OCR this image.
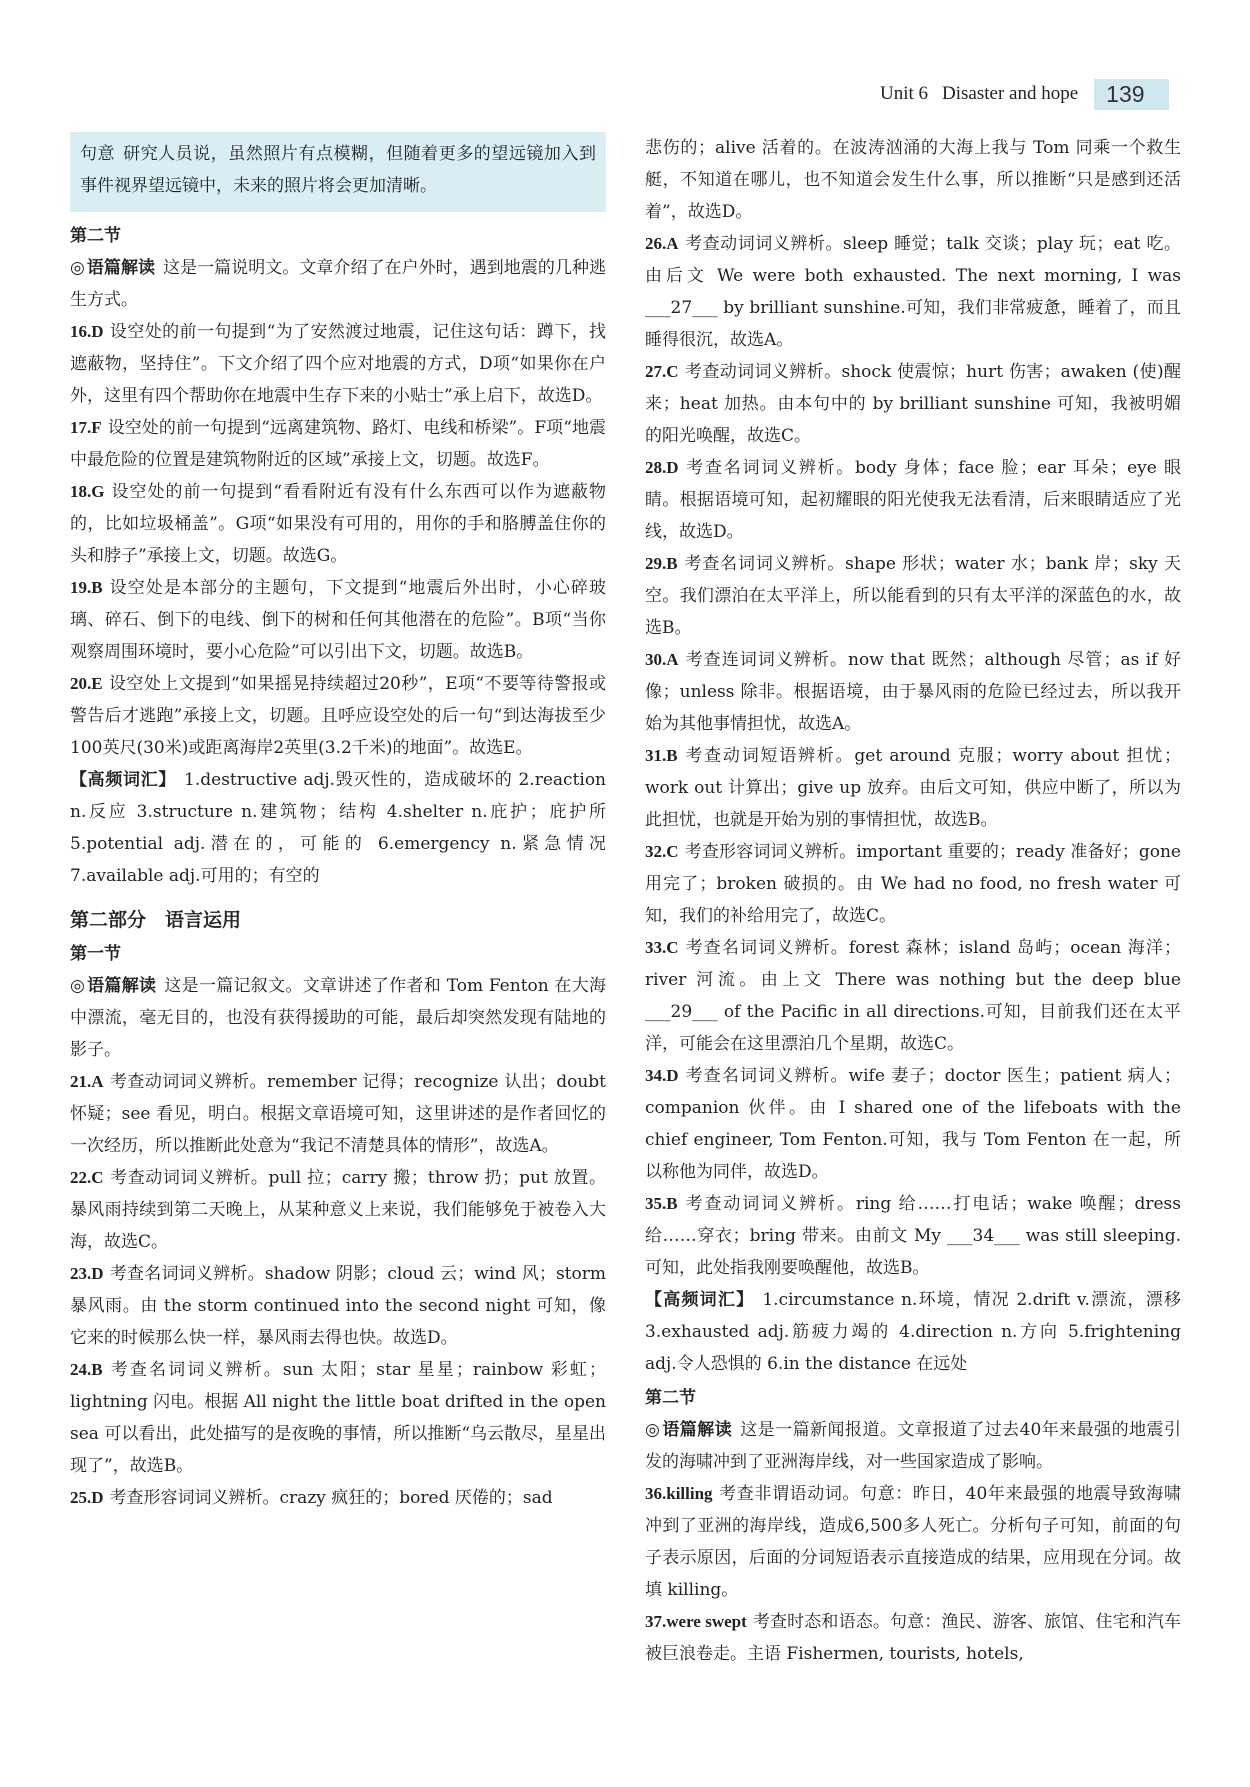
Unit 6 Disaster and hope	139
句意 研究人员说，虽然照片有点模糊，但随着更多的望远镜加入到事件视界望远镜中，未来的照片将会更加清晰。
第二节

◎ 语篇解读 这是一篇说明文。文章介绍了在户外时，遇到地震的几种逃生方式。

16.D 设空处的前一句提到“为了安然渡过地震，记住这句话：蹲下，找遮蔽物，坚持住”。下文介绍了四个应对地震的方式，D项“如果你在户外，这里有四个帮助你在地震中生存下来的小贴士”承上启下，故选D。

17.F 设空处的前一句提到“远离建筑物、路灯、电线和桥梁”。F项“地震中最危险的位置是建筑物附近的区域”承接上文，切题。故选F。

18.G 设空处的前一句提到“看看附近有没有什么东西可以作为遮蔽物的，比如垃圾桶盖”。G项“如果没有可用的，用你的手和胳膊盖住你的头和脖子”承接上文，切题。故选G。

19.B 设空处是本部分的主题句，下文提到“地震后外出时，小心碎玻璃、碎石、倒下的电线、倒下的树和任何其他潜在的危险”。B项“当你观察周围环境时，要小心危险”可以引出下文，切题。故选B。

20.E 设空处上文提到“如果摇晃持续超过20秒”，E项“不要等待警报或警告后才逃跑”承接上文，切题。且呼应设空处的后一句“到达海拔至少100英尺(30米)或距离海岸2英里(3.2千米)的地面”。故选E。

【高频词汇】 1.destructive adj.毁灭性的，造成破坏的 2.reaction n.反应 3.structure n.建筑物；结构 4.shelter n.庇护；庇护所 5.potential adj.潜在的，可能的 6.emergency n.紧急情况 7.available adj.可用的；有空的

第二部分　语言运用
第一节

◎ 语篇解读 这是一篇记叙文。文章讲述了作者和 Tom Fenton 在大海中漂流，毫无目的，也没有获得援助的可能，最后却突然发现有陆地的影子。

21.A 考查动词词义辨析。remember 记得；recognize 认出；doubt 怀疑；see 看见，明白。根据文章语境可知，这里讲述的是作者回忆的一次经历，所以推断此处意为“我记不清楚具体的情形”，故选A。

22.C 考查动词词义辨析。pull 拉；carry 搬；throw 扔；put 放置。暴风雨持续到第二天晚上，从某种意义上来说，我们能够免于被卷入大海，故选C。

23.D 考查名词词义辨析。shadow 阴影；cloud 云；wind 风；storm 暴风雨。由 the storm continued into the second night 可知，像它来的时候那么快一样，暴风雨去得也快。故选D。

24.B 考查名词词义辨析。sun 太阳；star 星星；rainbow 彩虹；lightning 闪电。根据 All night the little boat drifted in the open sea 可以看出，此处描写的是夜晚的事情，所以推断“乌云散尽，星星出现了”，故选B。

25.D 考查形容词词义辨析。crazy 疯狂的；bored 厌倦的；sad

悲伤的；alive 活着的。在波涛汹涌的大海上我与 Tom 同乘一个救生艇，不知道在哪儿，也不知道会发生什么事，所以推断“只是感到还活着”，故选D。

26.A 考查动词词义辨析。sleep 睡觉；talk 交谈；play 玩；eat 吃。由后文 We were both exhausted. The next morning, I was ___27___ by brilliant sunshine.可知，我们非常疲惫，睡着了，而且睡得很沉，故选A。

27.C 考查动词词义辨析。shock 使震惊；hurt 伤害；awaken (使)醒来；heat 加热。由本句中的 by brilliant sunshine 可知，我被明媚的阳光唤醒，故选C。

28.D 考查名词词义辨析。body 身体；face 脸；ear 耳朵；eye 眼睛。根据语境可知，起初耀眼的阳光使我无法看清，后来眼睛适应了光线，故选D。

29.B 考查名词词义辨析。shape 形状；water 水；bank 岸；sky 天空。我们漂泊在太平洋上，所以能看到的只有太平洋的深蓝色的水，故选B。

30.A 考查连词词义辨析。now that 既然；although 尽管；as if 好像；unless 除非。根据语境，由于暴风雨的危险已经过去，所以我开始为其他事情担忧，故选A。

31.B 考查动词短语辨析。get around 克服；worry about 担忧；work out 计算出；give up 放弃。由后文可知，供应中断了，所以为此担忧，也就是开始为别的事情担忧，故选B。

32.C 考查形容词词义辨析。important 重要的；ready 准备好；gone 用完了；broken 破损的。由 We had no food, no fresh water 可知，我们的补给用完了，故选C。

33.C 考查名词词义辨析。forest 森林；island 岛屿；ocean 海洋；river 河流。由上文 There was nothing but the deep blue ___29___ of the Pacific in all directions.可知，目前我们还在太平洋，可能会在这里漂泊几个星期，故选C。

34.D 考查名词词义辨析。wife 妻子；doctor 医生；patient 病人；companion 伙伴。由 I shared one of the lifeboats with the chief engineer, Tom Fenton.可知，我与 Tom Fenton 在一起，所以称他为同伴，故选D。

35.B 考查动词词义辨析。ring 给……打电话；wake 唤醒；dress 给……穿衣；bring 带来。由前文 My ___34___ was still sleeping.可知，此处指我刚要唤醒他，故选B。

【高频词汇】 1.circumstance n.环境，情况 2.drift v.漂流，漂移 3.exhausted adj.筋疲力竭的 4.direction n.方向 5.frightening adj.令人恐惧的 6.in the distance 在远处

第二节

◎ 语篇解读 这是一篇新闻报道。文章报道了过去40年来最强的地震引发的海啸冲到了亚洲海岸线，对一些国家造成了影响。

36.killing 考查非谓语动词。句意：昨日，40年来最强的地震导致海啸冲到了亚洲的海岸线，造成6,500多人死亡。分析句子可知，前面的句子表示原因，后面的分词短语表示直接造成的结果，应用现在分词。故填 killing。

37.were swept 考查时态和语态。句意：渔民、游客、旅馆、住宅和汽车被巨浪卷走。主语 Fishermen, tourists, hotels,
